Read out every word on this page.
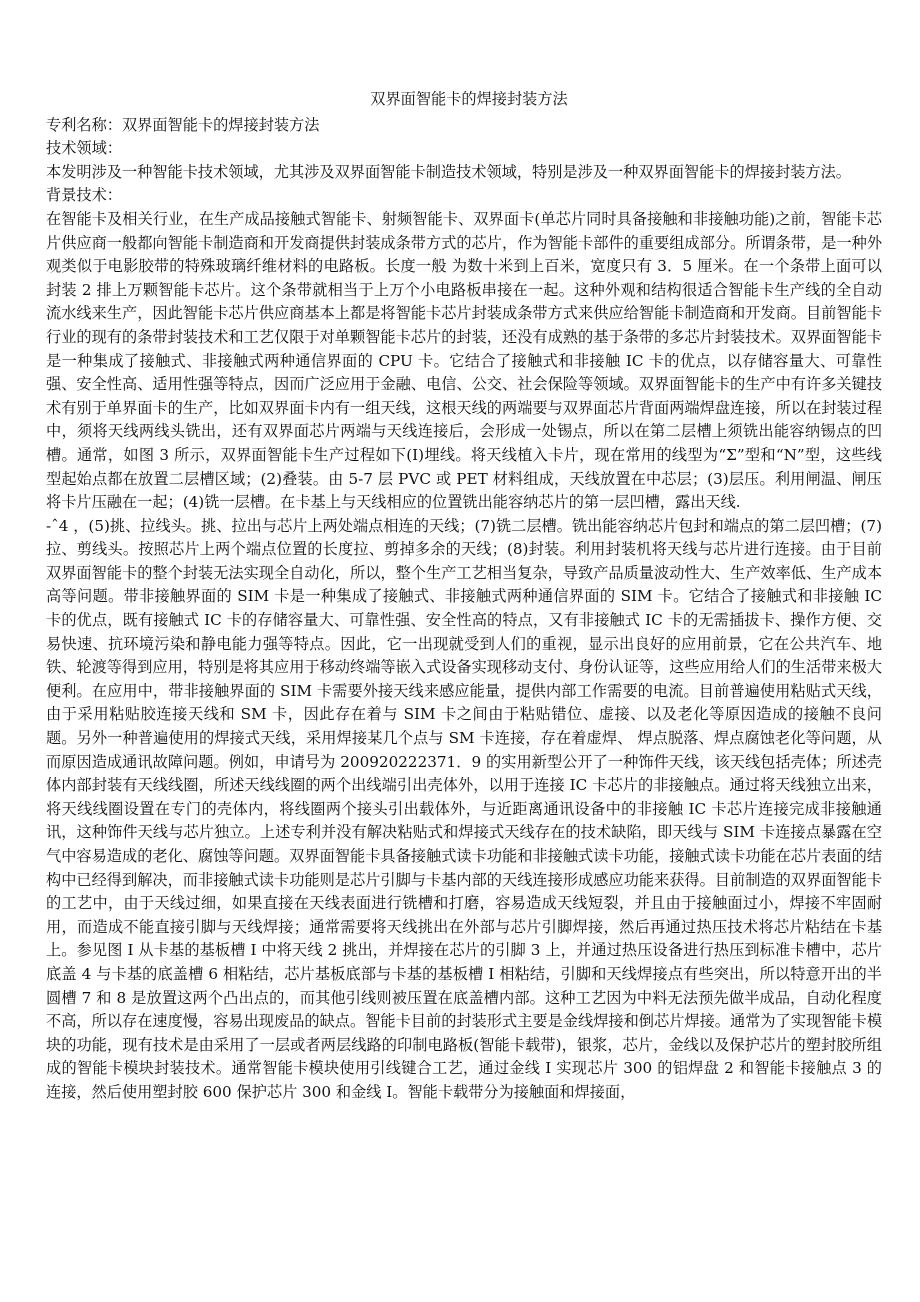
双界面智能卡的焊接封装方法

专利名称：双界面智能卡的焊接封装方法

技术领域：

本发明涉及一种智能卡技术领域，尤其涉及双界面智能卡制造技术领域，特别是涉及一种双界面智能卡的焊接封装方法。

背景技术：

在智能卡及相关行业，在生产成品接触式智能卡、射频智能卡、双界面卡(单芯片同时具备接触和非接触功能)之前，智能卡芯片供应商一般都向智能卡制造商和开发商提供封装成条带方式的芯片，作为智能卡部件的重要组成部分。所谓条带，是一种外观类似于电影胶带的特殊玻璃纤维材料的电路板。长度一般 为数十米到上百米，宽度只有 3．5 厘米。在一个条带上面可以封装 2 排上万颗智能卡芯片。这个条带就相当于上万个小电路板串接在一起。这种外观和结构很适合智能卡生产线的全自动流水线来生产，因此智能卡芯片供应商基本上都是将智能卡芯片封装成条带方式来供应给智能卡制造商和开发商。目前智能卡行业的现有的条带封装技术和工艺仅限于对单颗智能卡芯片的封装，还没有成熟的基于条带的多芯片封装技术。双界面智能卡是一种集成了接触式、非接触式两种通信界面的 CPU 卡。它结合了接触式和非接触 IC 卡的优点，以存储容量大、可靠性强、安全性高、适用性强等特点，因而广泛应用于金融、电信、公交、社会保险等领域。双界面智能卡的生产中有许多关键技术有别于单界面卡的生产，比如双界面卡内有一组天线，这根天线的两端要与双界面芯片背面两端焊盘连接，所以在封装过程中，须将天线两线头铣出，还有双界面芯片两端与天线连接后，会形成一处锡点，所以在第二层槽上须铣出能容纳锡点的凹槽。通常，如图 3 所示，双界面智能卡生产过程如下(I)埋线。将天线植入卡片，现在常用的线型为“Σ”型和“N”型，这些线型起始点都在放置二层槽区域；(2)叠装。由 5-7 层 PVC 或 PET 材料组成，天线放置在中芯层；(3)层压。利用闸温、闸压将卡片压融在一起；(4)铣一层槽。在卡基上与天线相应的位置铣出能容纳芯片的第一层凹槽，露出天线.

-ˆ4 ，(5)挑、拉线头。挑、拉出与芯片上两处端点相连的天线；(7)铣二层槽。铣出能容纳芯片包封和端点的第二层凹槽；(7)拉、剪线头。按照芯片上两个端点位置的长度拉、剪掉多余的天线；(8)封装。利用封装机将天线与芯片进行连接。由于目前双界面智能卡的整个封装无法实现全自动化，所以，整个生产工艺相当复杂，导致产品质量波动性大、生产效率低、生产成本高等问题。带非接触界面的 SIM 卡是一种集成了接触式、非接触式两种通信界面的 SIM 卡。它结合了接触式和非接触 IC 卡的优点，既有接触式 IC 卡的存储容量大、可靠性强、安全性高的特点，又有非接触式 IC 卡的无需插拔卡、操作方便、交易快速、抗环境污染和静电能力强等特点。因此，它一出现就受到人们的重视，显示出良好的应用前景，它在公共汽车、地铁、轮渡等得到应用，特别是将其应用于移动终端等嵌入式设备实现移动支付、身份认证等，这些应用给人们的生活带来极大便利。在应用中，带非接触界面的 SIM 卡需要外接天线来感应能量，提供内部工作需要的电流。目前普遍使用粘贴式天线，由于采用粘贴胶连接天线和 SM 卡，因此存在着与 SIM 卡之间由于粘贴错位、虚接、以及老化等原因造成的接触不良问题。另外一种普遍使用的焊接式天线，采用焊接某几个点与 SM 卡连接，存在着虚焊、 焊点脱落、焊点腐蚀老化等问题，从而原因造成通讯故障问题。例如，申请号为 200920222371．9 的实用新型公开了一种饰件天线，该天线包括壳体；所述壳体内部封装有天线线圈，所述天线线圈的两个出线端引出壳体外，以用于连接 IC 卡芯片的非接触点。通过将天线独立出来，将天线线圈设置在专门的壳体内，将线圈两个接头引出载体外，与近距离通讯设备中的非接触 IC 卡芯片连接完成非接触通讯，这种饰件天线与芯片独立。上述专利并没有解决粘贴式和焊接式天线存在的技术缺陷，即天线与 SIM 卡连接点暴露在空气中容易造成的老化、腐蚀等问题。双界面智能卡具备接触式读卡功能和非接触式读卡功能，接触式读卡功能在芯片表面的结构中已经得到解决，而非接触式读卡功能则是芯片引脚与卡基内部的天线连接形成感应功能来获得。目前制造的双界面智能卡的工艺中，由于天线过细，如果直接在天线表面进行铣槽和打磨，容易造成天线短裂，并且由于接触面过小，焊接不牢固耐用，而造成不能直接引脚与天线焊接；通常需要将天线挑出在外部与芯片引脚焊接，然后再通过热压技术将芯片粘结在卡基上。参见图 I 从卡基的基板槽 I 中将天线 2 挑出，并焊接在芯片的引脚 3 上，并通过热压设备进行热压到标准卡槽中，芯片底盖 4 与卡基的底盖槽 6 相粘结，芯片基板底部与卡基的基板槽 I 相粘结，引脚和天线焊接点有些突出，所以特意开出的半圆槽 7 和 8 是放置这两个凸出点的，而其他引线则被压置在底盖槽内部。这种工艺因为中料无法预先做半成品，自动化程度不高，所以存在速度慢，容易出现废品的缺点。智能卡目前的封装形式主要是金线焊接和倒芯片焊接。通常为了实现智能卡模块的功能，现有技术是由采用了一层或者两层线路的印制电路板(智能卡载带)，银浆，芯片，金线以及保护芯片的塑封胶所组成的智能卡模块封装技术。通常智能卡模块使用引线键合工艺，通过金线 I 实现芯片 300 的铝焊盘 2 和智能卡接触点 3 的连接，然后使用塑封胶 600 保护芯片 300 和金线 I。智能卡载带分为接触面和焊接面，
